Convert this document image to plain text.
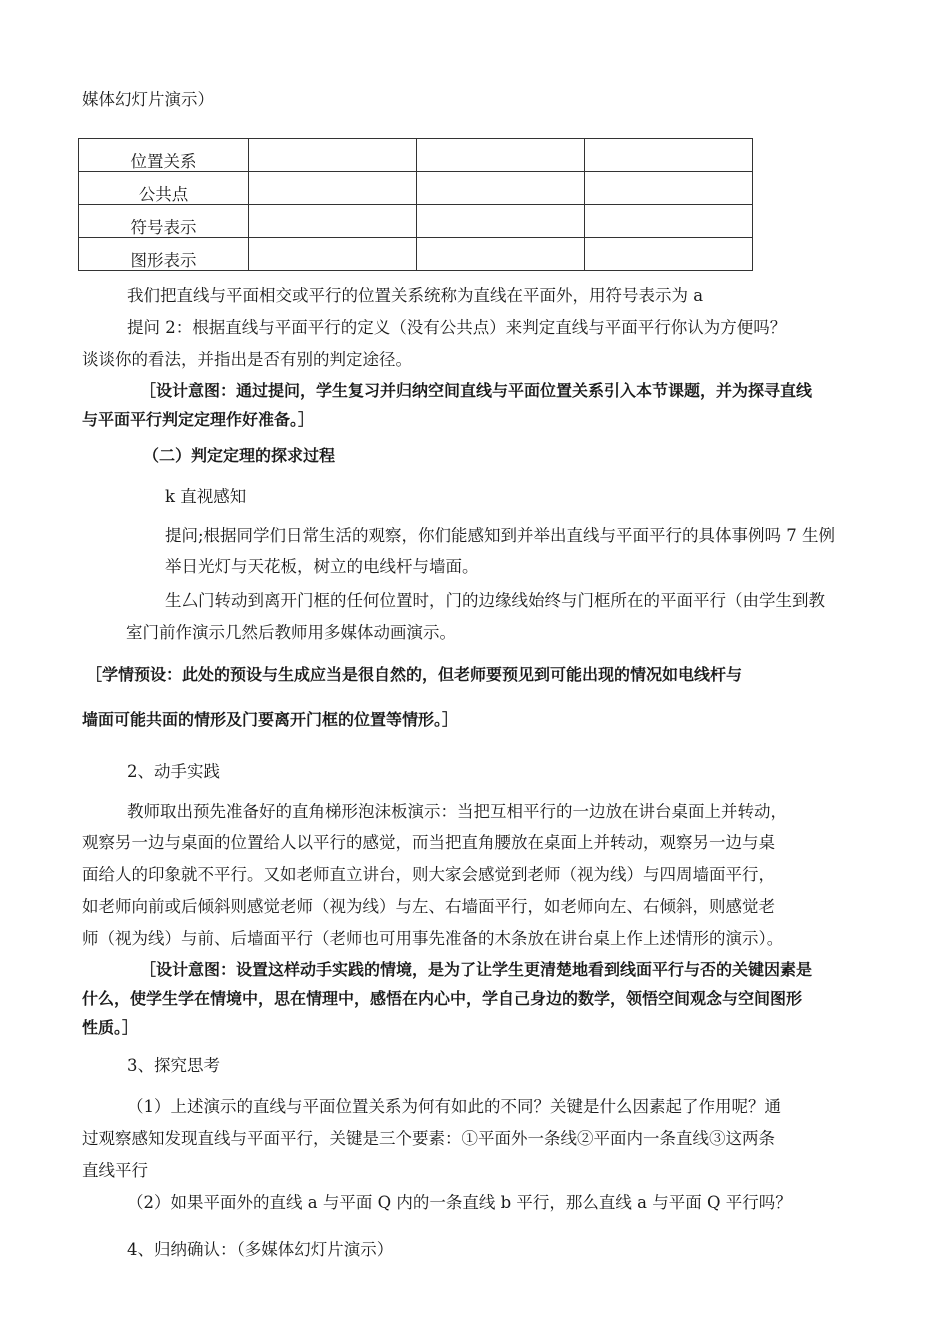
媒体幻灯片演示）
位置关系			
公共点			
符号表示			
图形表示			
我们把直线与平面相交或平行的位置关系统称为直线在平面外，用符号表示为 a
提问 2：根据直线与平面平行的定义（没有公共点）来判定直线与平面平行你认为方便吗？
谈谈你的看法，并指出是否有别的判定途径。
［设计意图：通过提问，学生复习并归纳空间直线与平面位置关系引入本节课题，并为探寻直线
与平面平行判定定理作好准备。］
（二）判定定理的探求过程
k 直视感知
提问;根据同学们日常生活的观察，你们能感知到并举出直线与平面平行的具体事例吗 7 生例
举日光灯与天花板，树立的电线杆与墙面。
生厶门转动到离开门框的任何位置时，门的边缘线始终与门框所在的平面平行（由学生到教
室门前作演示几然后教师用多媒体动画演示。
［学情预设：此处的预设与生成应当是很自然的，但老师要预见到可能出现的情况如电线杆与
墙面可能共面的情形及门要离开门框的位置等情形。］
2、动手实践
教师取出预先准备好的直角梯形泡沫板演示：当把互相平行的一边放在讲台桌面上并转动，
观察另一边与桌面的位置给人以平行的感觉，而当把直角腰放在桌面上并转动，观察另一边与桌
面给人的印象就不平行。又如老师直立讲台，则大家会感觉到老师（视为线）与四周墙面平行，
如老师向前或后倾斜则感觉老师（视为线）与左、右墙面平行，如老师向左、右倾斜，则感觉老
师（视为线）与前、后墙面平行（老师也可用事先准备的木条放在讲台桌上作上述情形的演示）。
［设计意图：设置这样动手实践的情境，是为了让学生更清楚地看到线面平行与否的关键因素是
什么，使学生学在情境中，思在情理中，感悟在内心中，学自己身边的数学，领悟空间观念与空间图形
性质。］
3、探究思考
（1）上述演示的直线与平面位置关系为何有如此的不同？关键是什么因素起了作用呢？通
过观察感知发现直线与平面平行，关键是三个要素：①平面外一条线②平面内一条直线③这两条
直线平行
（2）如果平面外的直线 a 与平面 Q 内的一条直线 b 平行，那么直线 a 与平面 Q 平行吗？
4、归纳确认：（多媒体幻灯片演示）
